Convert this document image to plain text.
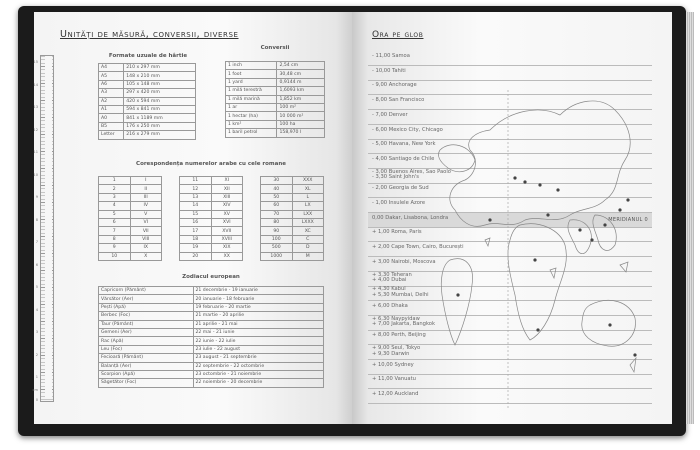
Unități de măsură, conversii, diverse
15
14
13
12
11
10
9
8
7
6
5
4
3
2
1
0
cm
Formate uzuale de hârtie
A4	210 x 297 mm
A5	148 x 210 mm
A6	105 x 148 mm
A3	297 x 420 mm
A2	420 x 594 mm
A1	594 x 841 mm
A0	841 x 1189 mm
B5	176 x 250 mm
Letter	216 x 279 mm
Conversii
1 inch	2,54 cm
1 foot	30,48 cm
1 yard	0,9144 m
1 milă terestră	1,6093 km
1 milă marină	1,852 km
1 ar	100 m²
1 hectar (ha)	10 000 m²
1 km²	100 ha
1 baril petrol	158,970 l
Corespondența numerelor arabe cu cele romane
1	I
2	II
3	III
4	IV
5	V
6	VI
7	VII
8	VIII
9	IX
10	X
11	XI
12	XII
13	XIII
14	XIV
15	XV
16	XVI
17	XVII
18	XVIII
19	XIX
20	XX
30	XXX
40	XL
50	L
60	LX
70	LXX
80	LXXX
90	XC
100	C
500	D
1000	M
Zodiacul european
Capricorn (Pământ)	21 decembrie - 19 ianuarie
Vărsător (Aer)	20 ianuarie - 18 februarie
Pești (Apă)	19 februarie - 20 martie
Berbec (Foc)	21 martie - 20 aprilie
Taur (Pământ)	21 aprilie - 21 mai
Gemeni (Aer)	22 mai - 21 iunie
Rac (Apă)	22 iunie - 22 iulie
Leu (Foc)	23 iulie - 22 august
Fecioară (Pământ)	23 august - 21 septembrie
Balanță (Aer)	22 septembrie - 22 octombrie
Scorpion (Apă)	23 octombrie - 21 noiembrie
Săgetător (Foc)	22 noiembrie - 20 decembrie
Ora pe glob
- 11,00 Samoa
- 10,00 Tahiti
- 9,00 Anchorage
- 8,00 San Francisco
- 7,00 Denver
- 6,00 Mexico City, Chicago
- 5,00 Havana, New York
- 4,00 Santiago de Chile
- 3,00 Buenos Aires, Sao Paolo
- 3,30 Saint John's
- 2,00 Georgia de Sud
- 1,00 Insulele Azore
0,00 Dakar, Lisabona, Londra	MERIDIANUL 0
+ 1,00 Roma, Paris
+ 2,00 Cape Town, Cairo, București
+ 3,00 Nairobi, Moscova
+ 3,30 Teheran
+ 4,00 Dubai
+ 4,30 Kabul
+ 5,30 Mumbai, Delhi
+ 6,00 Dhaka
+ 6,30 Naypyidaw
+ 7,00 Jakarta, Bangkok
+ 8,00 Perth, Beijing
+ 9,00 Seul, Tokyo
+ 9,30 Darwin
+ 10,00 Sydney
+ 11,00 Vanuatu
+ 12,00 Auckland
